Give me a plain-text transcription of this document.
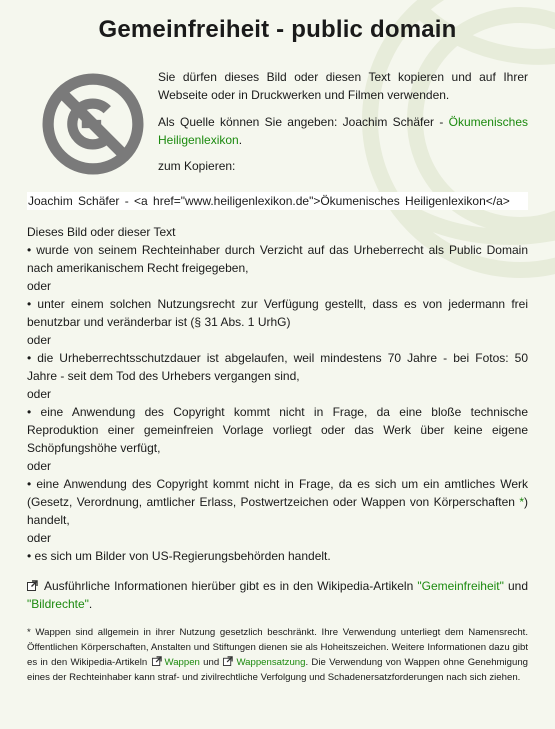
Gemeinfreiheit - public domain

Sie dürfen dieses Bild oder diesen Text kopieren und auf Ihrer Webseite oder in Druckwerken und Filmen verwenden.

Als Quelle können Sie angeben: Joachim Schäfer - Ökumenisches Heiligenlexikon.

zum Kopieren:

Joachim Schäfer - <a href="www.heiligenlexikon.de">Ökumenisches Heiligenlexikon</a>

Dieses Bild oder dieser Text

• wurde von seinem Rechteinhaber durch Verzicht auf das Urheberrecht als Public Domain nach amerikanischem Recht freigegeben,

oder

• unter einem solchen Nutzungsrecht zur Verfügung gestellt, dass es von jedermann frei benutzbar und veränderbar ist (§ 31 Abs. 1 UrhG)

oder

• die Urheberrechtsschutzdauer ist abgelaufen, weil mindestens 70 Jahre - bei Fotos: 50 Jahre - seit dem Tod des Urhebers vergangen sind,

oder

• eine Anwendung des Copyright kommt nicht in Frage, da eine bloße technische Reproduktion einer gemeinfreien Vorlage vorliegt oder das Werk über keine eigene Schöpfungshöhe verfügt,

oder

• eine Anwendung des Copyright kommt nicht in Frage, da es sich um ein amtliches Werk (Gesetz, Verordnung, amtlicher Erlass, Postwertzeichen oder Wappen von Körperschaften *) handelt,

oder

• es sich um Bilder von US-Regierungsbehörden handelt.

Ausführliche Informationen hierüber gibt es in den Wikipedia-Artikeln "Gemeinfreiheit" und "Bildrechte".

* Wappen sind allgemein in ihrer Nutzung gesetzlich beschränkt. Ihre Verwendung unterliegt dem Namensrecht. Öffentlichen Körperschaften, Anstalten und Stiftungen dienen sie als Hoheitszeichen. Weitere Informationen dazu gibt es in den Wikipedia-Artikeln
Wappen und
Wappensatzung. Die Verwendung von Wappen ohne Genehmigung eines der Rechteinhaber kann straf- und zivilrechtliche Verfolgung und Schadenersatzforderungen nach sich ziehen.
